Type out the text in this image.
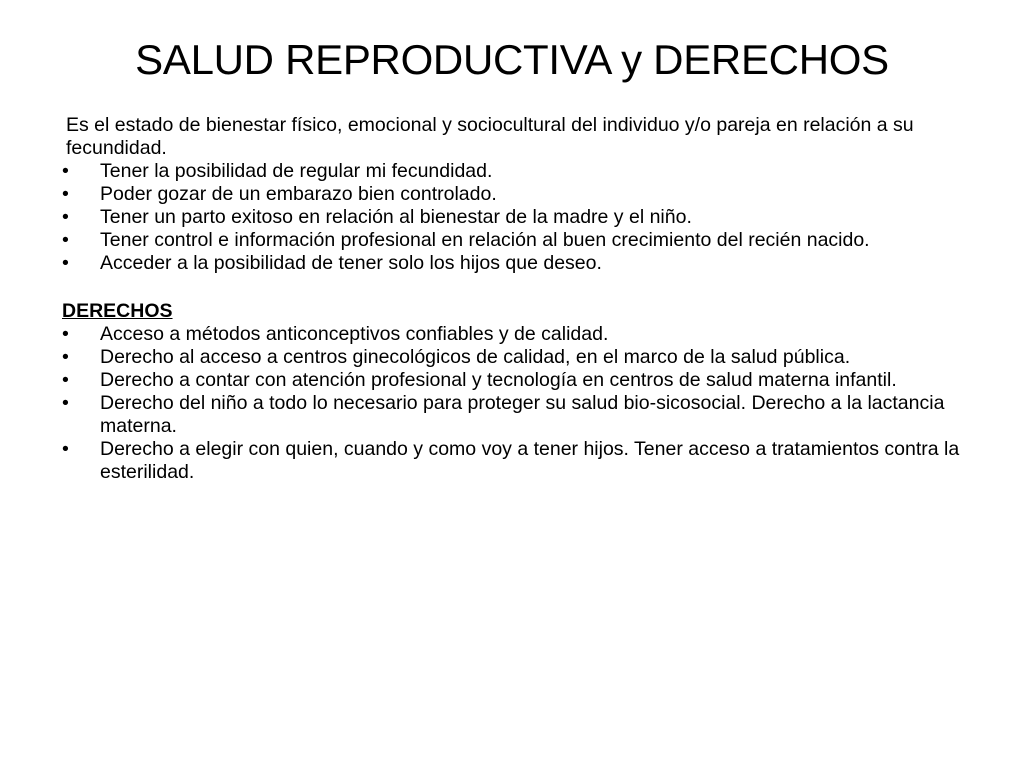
SALUD REPRODUCTIVA y DERECHOS

Es el estado de bienestar físico, emocional y sociocultural del individuo y/o pareja en relación a su fecundidad.

•	Tener la posibilidad de regular mi fecundidad.
•	Poder gozar de un embarazo bien controlado.
•	Tener un parto exitoso en relación al bienestar de la madre y el niño.
•	Tener control e información profesional en relación al buen crecimiento del recién nacido.
•	Acceder a la posibilidad de tener solo los hijos que deseo.

DERECHOS

•	Acceso a métodos anticonceptivos confiables y de calidad.
•	Derecho al acceso a centros ginecológicos de calidad, en el marco de la salud pública.
•	Derecho a contar con atención profesional y tecnología en centros de salud materna infantil.
•	Derecho del niño a todo lo necesario para proteger su salud bio-sicosocial. Derecho a la lactancia materna.
•	Derecho a elegir con quien, cuando y como voy a tener hijos. Tener acceso a tratamientos contra la esterilidad.
